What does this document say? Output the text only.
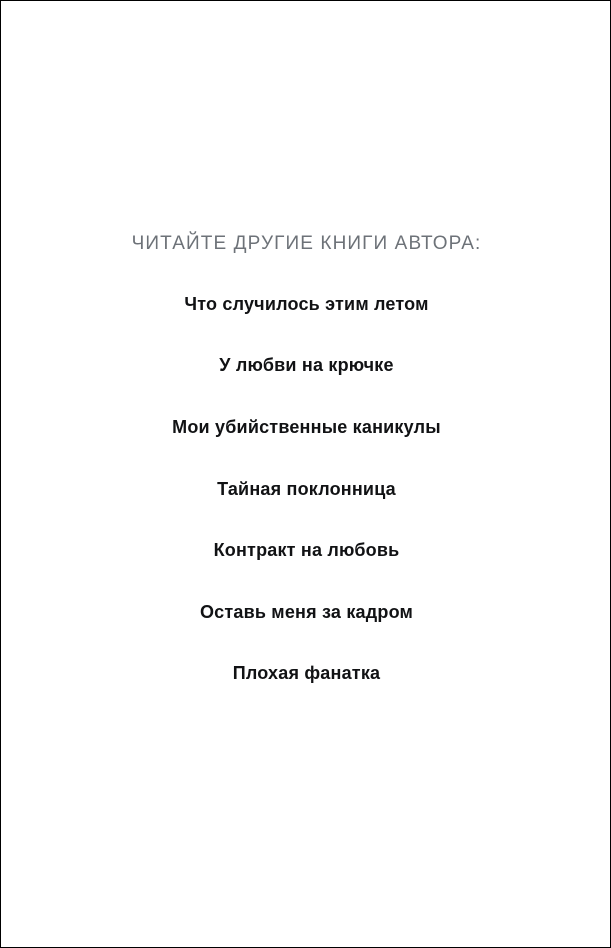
ЧИТАЙТЕ ДРУГИЕ КНИГИ АВТОРА:
Что случилось этим летом
У любви на крючке
Мои убийственные каникулы
Тайная поклонница
Контракт на любовь
Оставь меня за кадром
Плохая фанатка
